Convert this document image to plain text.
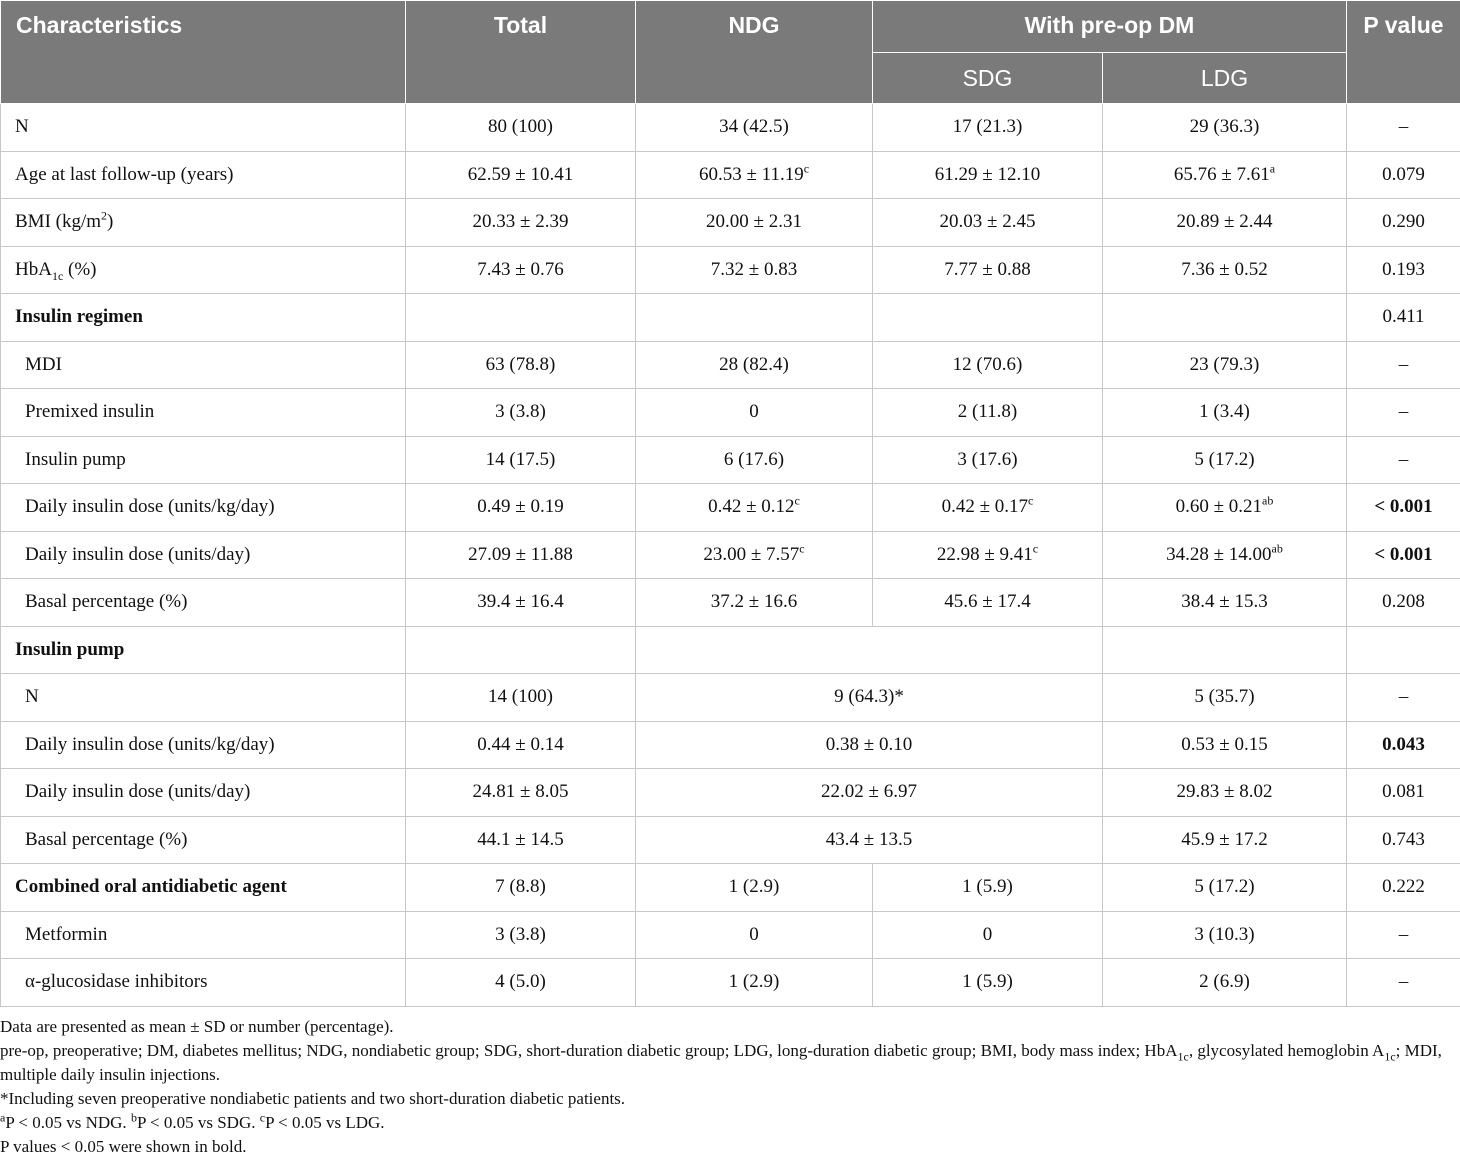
Characteristics	Total	NDG	With pre-op DM		P value

			SDG	LDG	
N	80 (100)	34 (42.5)	17 (21.3)	29 (36.3)	–
Age at last follow-up (years)	62.59 ± 10.41	60.53 ± 11.19$^c$	61.29 ± 12.10	65.76 ± 7.61$^a$	0.079
BMI $(kg/m^2)$	20.33 ± 2.39	20.00 ± 2.31	20.03 ± 2.45	20.89 ± 2.44	0.290
HbA$_{1c}$ (%)	7.43 ± 0.76	7.32 ± 0.83	7.77 ± 0.88	7.36 ± 0.52	0.193
Insulin regimen					0.411
MDI	63 (78.8)	28 (82.4)	12 (70.6)	23 (79.3)	–
Premixed insulin	3 (3.8)	0	2 (11.8)	1 (3.4)	–
Insulin pump	14 (17.5)	6 (17.6)	3 (17.6)	5 (17.2)	–
Daily insulin dose (units/kg/day)	0.49 ± 0.19	0.42 ± 0.12$^c$	0.42 ± 0.17$^c$	0.60 ± 0.21$^{ab}$	< 0.001
Daily insulin dose (units/day)	27.09 ± 11.88	23.00 ± 7.57$^c$	22.98 ± 9.41$^c$	34.28 ± 14.00$^{ab}$	< 0.001
Basal percentage (%)	39.4 ± 16.4	37.2 ± 16.6	45.6 ± 17.4	38.4 ± 15.3	0.208
Insulin pump					
N	14 (100)	9 (64.3)*		5 (35.7)	–
Daily insulin dose (units/kg/day)	0.44 ± 0.14	0.38 ± 0.10		0.53 ± 0.15	0.043
Daily insulin dose (units/day)	24.81 ± 8.05	22.02 ± 6.97		29.83 ± 8.02	0.081
Basal percentage (%)	44.1 ± 14.5	43.4 ± 13.5		45.9 ± 17.2	0.743
Combined oral antidiabetic agent	7 (8.8)	1 (2.9)	1 (5.9)	5 (17.2)	0.222
Metformin	3 (3.8)	0	0	3 (10.3)	–
α-glucosidase inhibitors	4 (5.0)	1 (2.9)	1 (5.9)	2 (6.9)	–

Data are presented as mean ± SD or number (percentage).

pre-op, preoperative; DM, diabetes mellitus; NDG, nondiabetic group; SDG, short-duration diabetic group; LDG, long-duration diabetic group; BMI, body mass index; HbA$_{1c}$, glycosylated hemoglobin $A_{1c}$; MDI, multiple daily insulin injections.

*Including seven preoperative nondiabetic patients and two short-duration diabetic patients.

$^a$P < 0.05 vs NDG. $^b$P < 0.05 vs SDG. $^c$P < 0.05 vs LDG.

P values < 0.05 were shown in bold.
